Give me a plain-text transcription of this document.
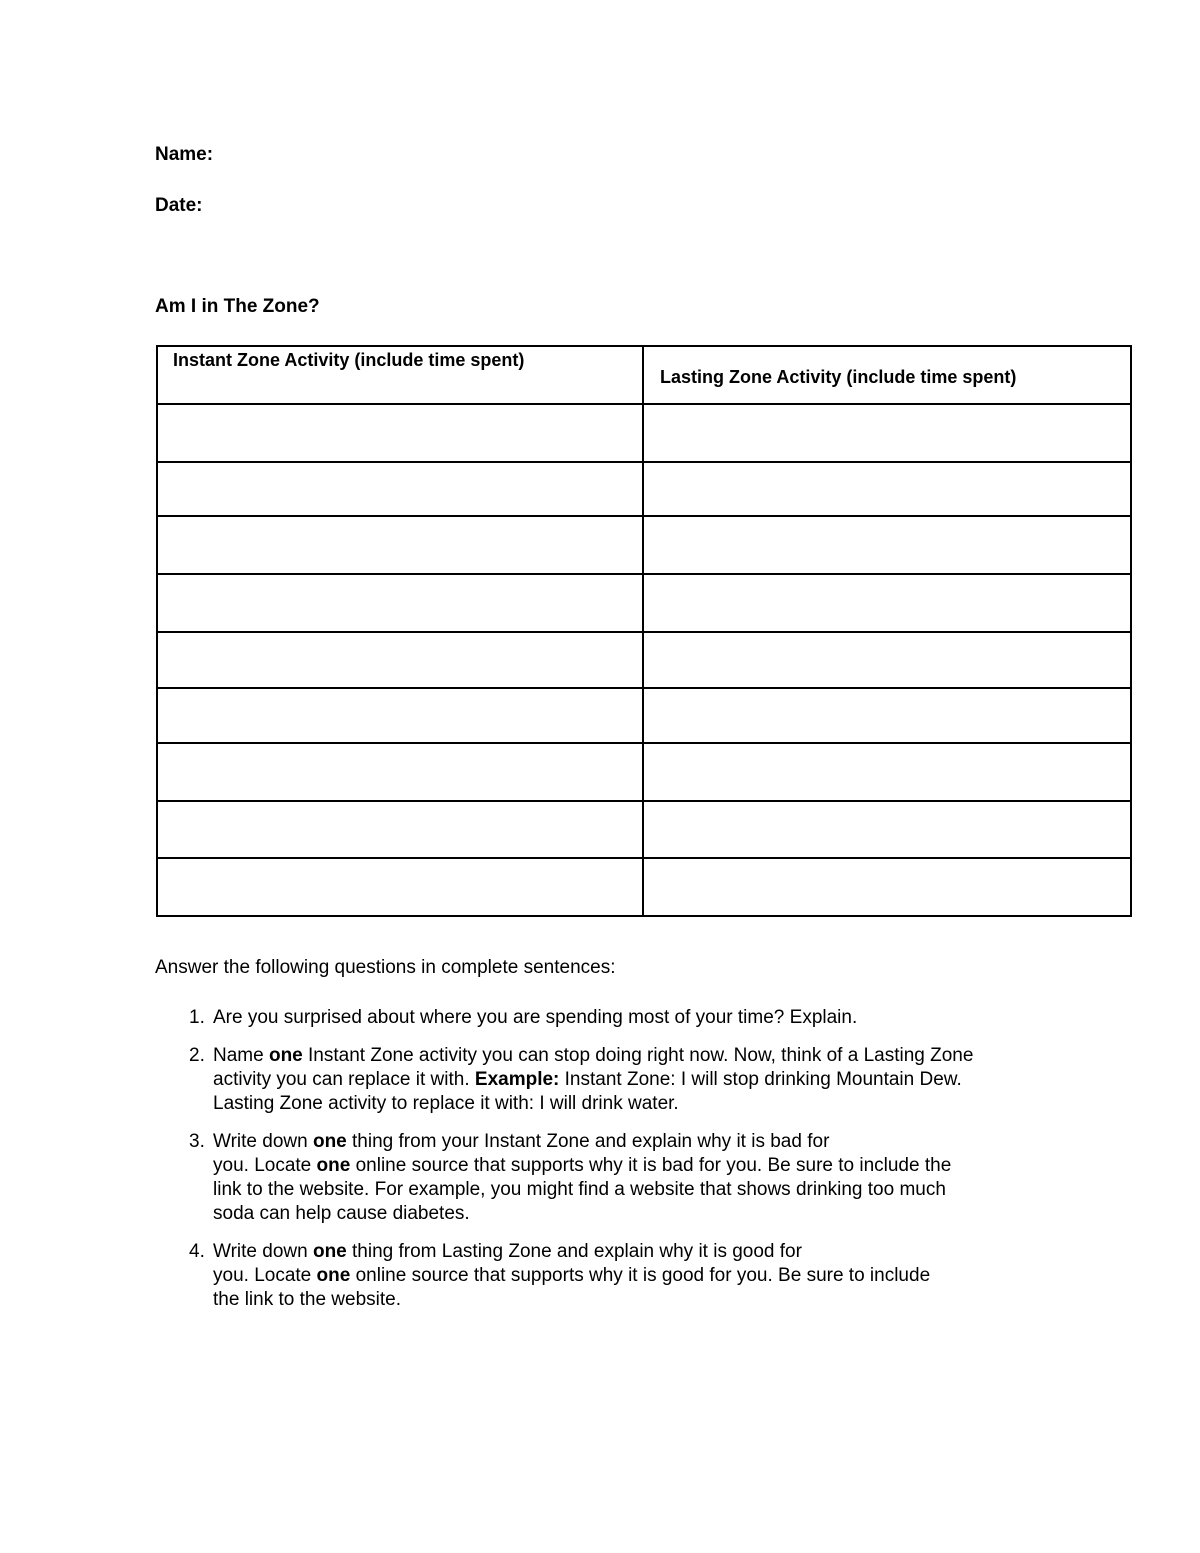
Name:
Date:
Am I in The Zone?
Instant Zone Activity (include time spent)	Lasting Zone Activity (include time spent)

Answer the following questions in complete sentences:
1. Are you surprised about where you are spending most of your time? Explain.
2. Name one Instant Zone activity you can stop doing right now. Now, think of a Lasting Zone
activity you can replace it with. Example: Instant Zone: I will stop drinking Mountain Dew.
Lasting Zone activity to replace it with: I will drink water.
3. Write down one thing from your Instant Zone and explain why it is bad for
you. Locate one online source that supports why it is bad for you. Be sure to include the
link to the website. For example, you might find a website that shows drinking too much
soda can help cause diabetes.
4. Write down one thing from Lasting Zone and explain why it is good for
you. Locate one online source that supports why it is good for you. Be sure to include
the link to the website.
